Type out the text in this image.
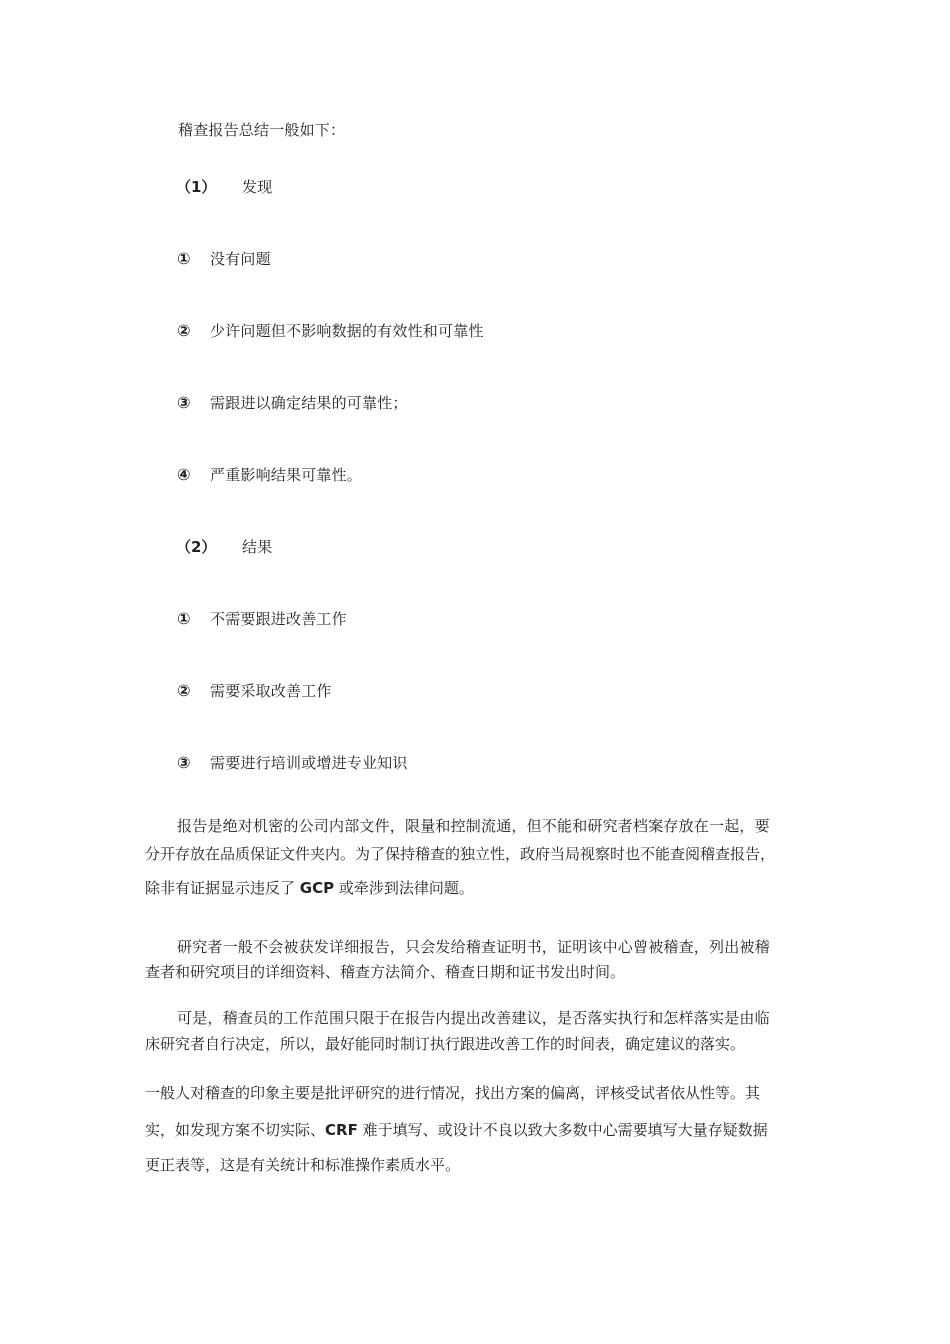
稽查报告总结一般如下：
（1） 发现
① 没有问题
② 少许问题但不影响数据的有效性和可靠性
③ 需跟进以确定结果的可靠性；
④ 严重影响结果可靠性。
（2） 结果
① 不需要跟进改善工作
② 需要采取改善工作
③ 需要进行培训或增进专业知识
报告是绝对机密的公司内部文件，限量和控制流通，但不能和研究者档案存放在一起，要
分开存放在品质保证文件夹内。为了保持稽查的独立性，政府当局视察时也不能查阅稽查报告，
除非有证据显示违反了 GCP 或牵涉到法律问题。
研究者一般不会被获发详细报告，只会发给稽查证明书，证明该中心曾被稽查，列出被稽
查者和研究项目的详细资料、稽查方法简介、稽查日期和证书发出时间。
可是，稽查员的工作范围只限于在报告内提出改善建议，是否落实执行和怎样落实是由临
床研究者自行决定，所以，最好能同时制订执行跟进改善工作的时间表，确定建议的落实。
一般人对稽查的印象主要是批评研究的进行情况，找出方案的偏离，评核受试者依从性等。其
实，如发现方案不切实际、CRF 难于填写、或设计不良以致大多数中心需要填写大量存疑数据
更正表等，这是有关统计和标准操作素质水平。
